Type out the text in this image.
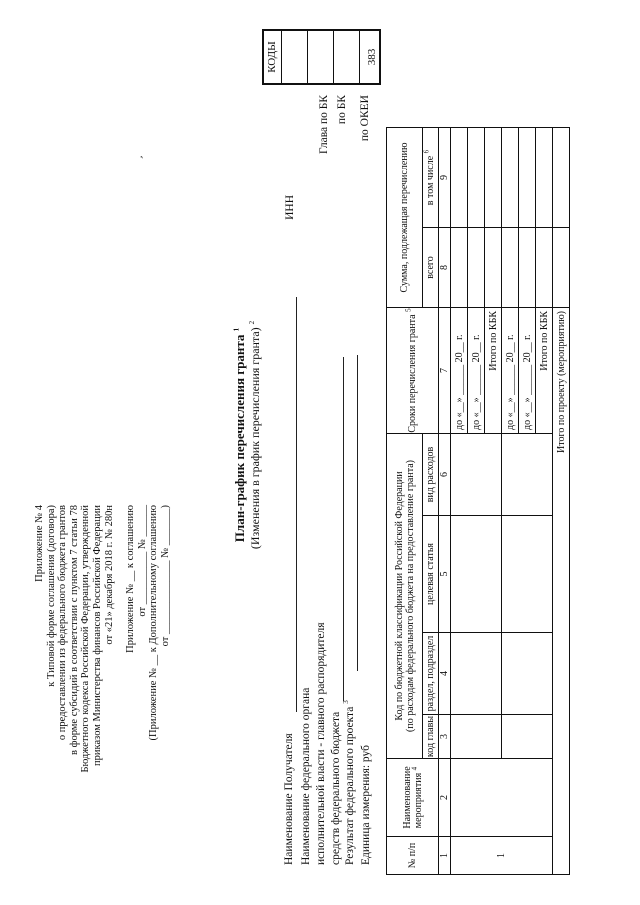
Приложение № 4 к Типовой форме соглашения (договора) о предоставлении из федерального бюджета грантов в форме субсидий в соответствии с пунктом 7 статьи 78 Бюджетного кодекса Российской Федерации, утвержденной приказом Министерства финансов Российской Федерации от «21» декабря 2018 г. № 280н Приложение № __ к соглашению от __________ № ______ (Приложение № __ к Дополнительному соглашению от ______________ № _______)
,
План-график перечисления гранта $^1$ (Изменения в график перечисления гранта) $^2$
Наименование Получателя Наименование федерального органа исполнительной власти - главного распорядителя средств федерального бюджета Результат федерального проекта $^3$
Единица измерения: руб
ИНН
Глава по БК по БК по ОКЕИ
КОДЫ	383
№ п/п	Наименование мероприятия $^4$	Код по бюджетной классификации Российской Федерации (по расходам федерального бюджета на предоставление гранта)				Сроки перечисления гранта $^5$	Сумма, подлежащая перечислению	
		код главы	раздел, подраздел	целевая статья	вид расходов		всего	в том числе $^6$
1	2	3	4	5	6	7	8	9
1						до «__» ______ 20__ г.		
						до «__» ______ 20__ г.		
						Итого по КБК		
						до «__» ______ 20__ г.		
						до «__» ______ 20__ г.		
						Итого по КБК		
Итого по проекту (мероприятию)								
